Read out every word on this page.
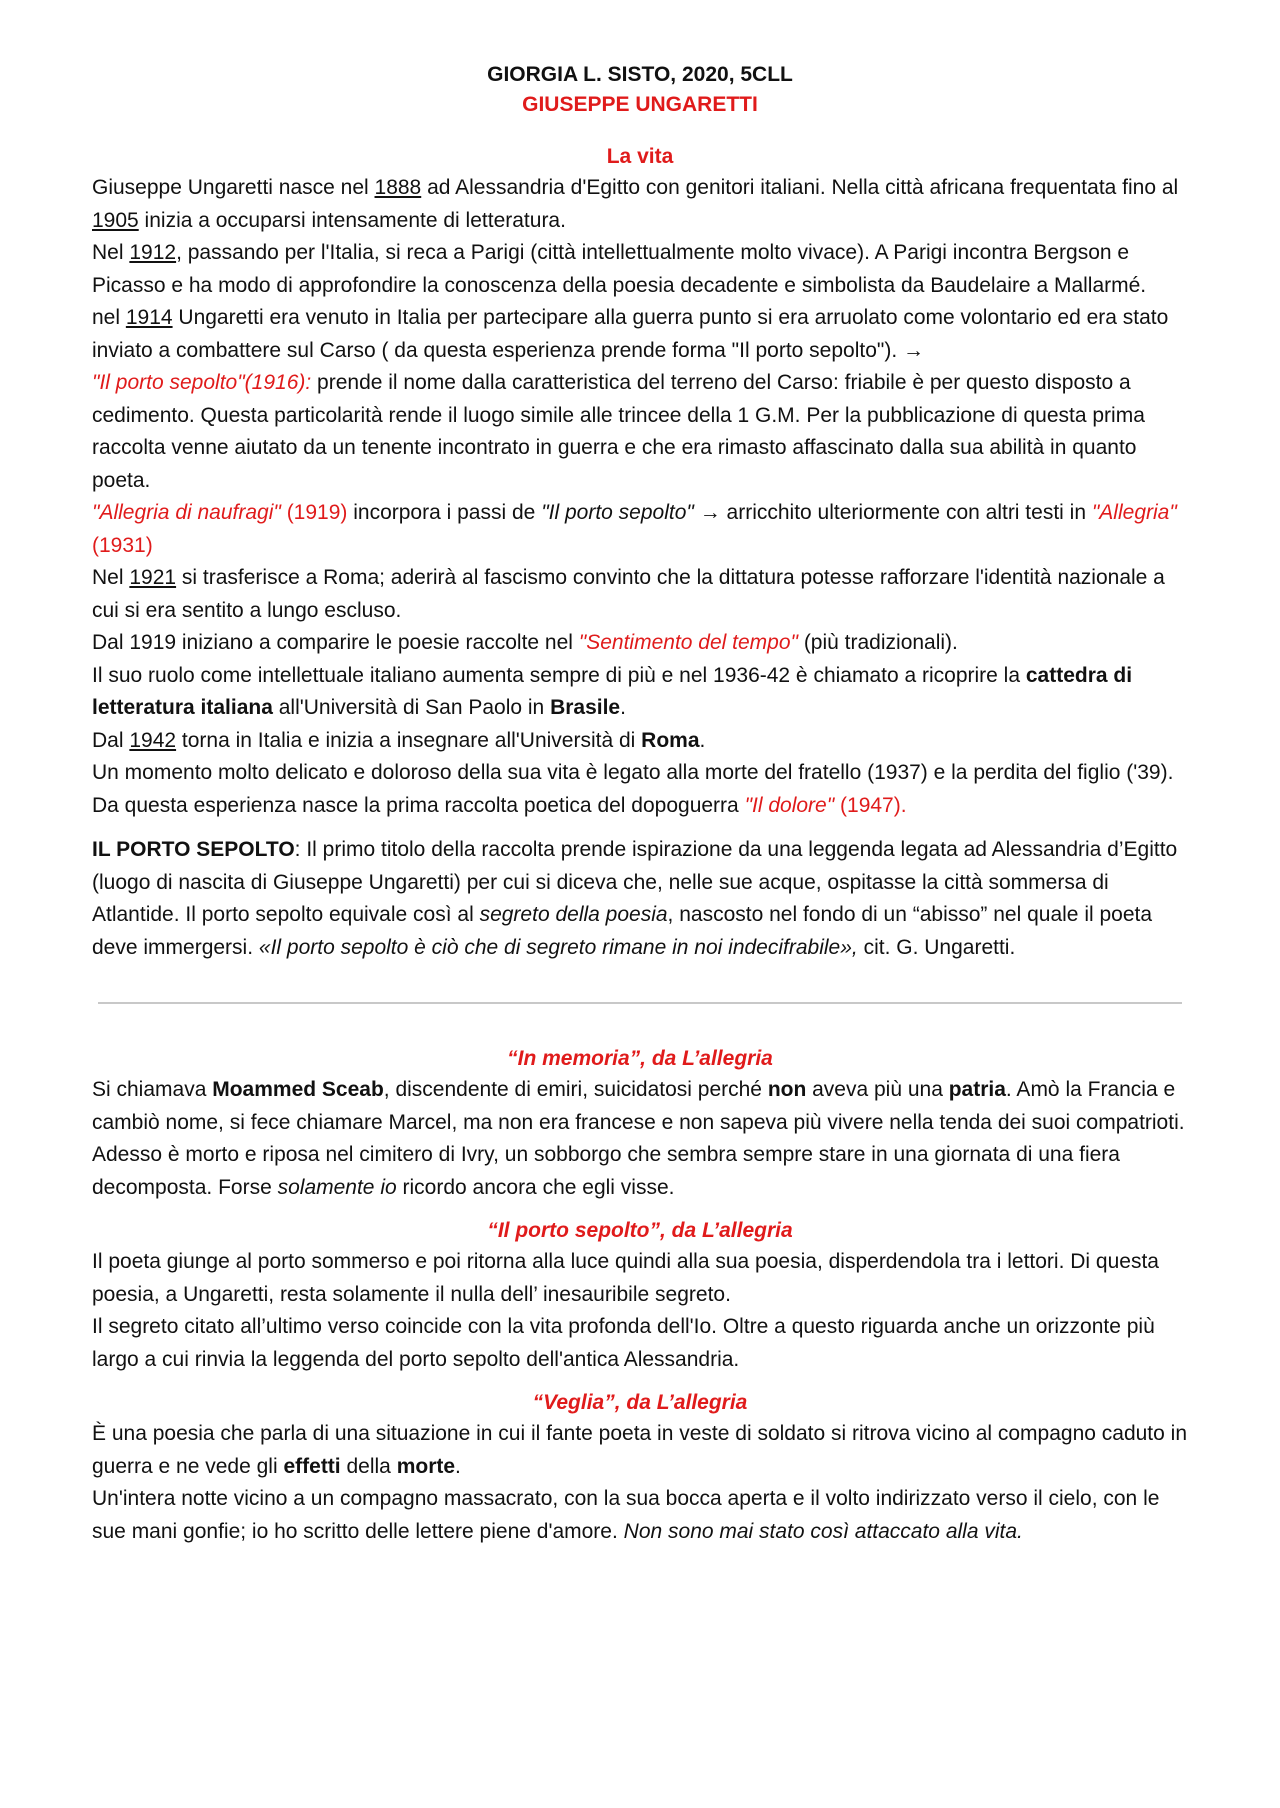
GIORGIA L. SISTO, 2020, 5CLL

GIUSEPPE UNGARETTI

La vita

Giuseppe Ungaretti nasce nel 1888 ad Alessandria d'Egitto con genitori italiani. Nella città africana frequentata fino al 1905 inizia a occuparsi intensamente di letteratura.

Nel 1912, passando per l'Italia, si reca a Parigi (città intellettualmente molto vivace). A Parigi incontra Bergson e Picasso e ha modo di approfondire la conoscenza della poesia decadente e simbolista da Baudelaire a Mallarmé.

nel 1914 Ungaretti era venuto in Italia per partecipare alla guerra punto si era arruolato come volontario ed era stato inviato a combattere sul Carso ( da questa esperienza prende forma "Il porto sepolto"). →
"Il porto sepolto"(1916): prende il nome dalla caratteristica del terreno del Carso: friabile è per questo disposto a cedimento. Questa particolarità rende il luogo simile alle trincee della 1 G.M. Per la pubblicazione di questa prima raccolta venne aiutato da un tenente incontrato in guerra e che era rimasto affascinato dalla sua abilità in quanto poeta.

"Allegria di naufragi" (1919) incorpora i passi de "Il porto sepolto" → arricchito ulteriormente con altri testi in "Allegria" (1931)

Nel 1921 si trasferisce a Roma; aderirà al fascismo convinto che la dittatura potesse rafforzare l'identità nazionale a cui si era sentito a lungo escluso.

Dal 1919 iniziano a comparire le poesie raccolte nel "Sentimento del tempo" (più tradizionali).

Il suo ruolo come intellettuale italiano aumenta sempre di più e nel 1936-42 è chiamato a ricoprire la cattedra di letteratura italiana all'Università di San Paolo in Brasile.

Dal 1942 torna in Italia e inizia a insegnare all'Università di Roma.

Un momento molto delicato e doloroso della sua vita è legato alla morte del fratello (1937) e la perdita del figlio ('39). Da questa esperienza nasce la prima raccolta poetica del dopoguerra "Il dolore" (1947).

IL PORTO SEPOLTO: Il primo titolo della raccolta prende ispirazione da una leggenda legata ad Alessandria d’Egitto (luogo di nascita di Giuseppe Ungaretti) per cui si diceva che, nelle sue acque, ospitasse la città sommersa di Atlantide. Il porto sepolto equivale così al segreto della poesia, nascosto nel fondo di un “abisso” nel quale il poeta deve immergersi. «Il porto sepolto è ciò che di segreto rimane in noi indecifrabile», cit. G. Ungaretti.

“In memoria”, da L’allegria

Si chiamava Moammed Sceab, discendente di emiri, suicidatosi perché non aveva più una patria. Amò la Francia e cambiò nome, si fece chiamare Marcel, ma non era francese e non sapeva più vivere nella tenda dei suoi compatrioti. Adesso è morto e riposa nel cimitero di Ivry, un sobborgo che sembra sempre stare in una giornata di una fiera decomposta. Forse solamente io ricordo ancora che egli visse.

“Il porto sepolto”, da L’allegria

Il poeta giunge al porto sommerso e poi ritorna alla luce quindi alla sua poesia, disperdendola tra i lettori. Di questa poesia, a Ungaretti, resta solamente il nulla dell’ inesauribile segreto.

Il segreto citato all’ultimo verso coincide con la vita profonda dell'Io. Oltre a questo riguarda anche un orizzonte più largo a cui rinvia la leggenda del porto sepolto dell'antica Alessandria.

“Veglia”, da L’allegria

È una poesia che parla di una situazione in cui il fante poeta in veste di soldato si ritrova vicino al compagno caduto in guerra e ne vede gli effetti della morte.

Un'intera notte vicino a un compagno massacrato, con la sua bocca aperta e il volto indirizzato verso il cielo, con le sue mani gonfie; io ho scritto delle lettere piene d'amore. Non sono mai stato così attaccato alla vita.
